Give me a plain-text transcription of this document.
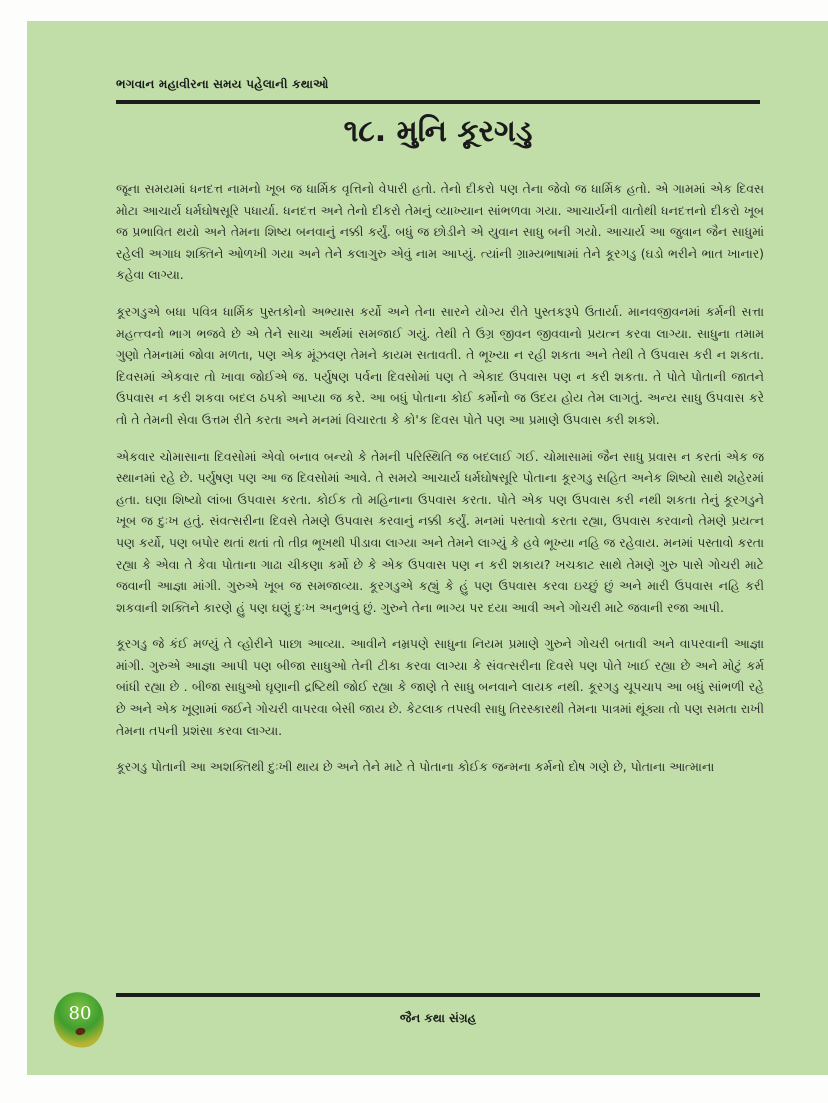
ભગવાન મહાવીરના સમય પહેલાની કથાઓ
૧૮. મુનિ કૂરગડુ

જૂના સમયમાં ધનદત્ત નામનો ખૂબ જ ધાર્મિક વૃત્તિનો વેપારી હતો. તેનો દીકરો પણ તેના જેવો જ ધાર્મિક હતો. એ ગામમાં એક દિવસ મોટા આચાર્ય ધર્મઘોષસૂરિ પધાર્યા. ધનદત્ત અને તેનો દીકરો તેમનું વ્યાખ્યાન સાંભળવા ગયા. આચાર્યની વાતોથી ધનદત્તનો દીકરો ખૂબ જ પ્રભાવિત થયો અને તેમના શિષ્ય બનવાનું નક્કી કર્યું. બધું જ છોડીને એ યુવાન સાધુ બની ગયો. આચાર્ય આ જુવાન જૈન સાધુમાં રહેલી અગાધ શક્તિને ઓળખી ગયા અને તેને કલાગુરુ એવું નામ આપ્યું. ત્યાંની ગ્રામ્યભાષામાં તેને કૂરગડુ (ઘડો ભરીને ભાત ખાનાર) કહેવા લાગ્યા.

કૂરગડુએ બધા પવિત્ર ધાર્મિક પુસ્તકોનો અભ્યાસ કર્યો અને તેના સારને યોગ્ય રીતે પુસ્તકરૂપે ઉતાર્યા. માનવજીવનમાં કર્મની સત્તા મહત્ત્વનો ભાગ ભજવે છે એ તેને સાચા અર્થમાં સમજાઈ ગયું. તેથી તે ઉગ્ર જીવન જીવવાનો પ્રયત્ન કરવા લાગ્યા. સાધુના તમામ ગુણો તેમનામાં જોવા મળતા, પણ એક મૂંઝવણ તેમને કાયમ સતાવતી. તે ભૂખ્યા ન રહી શકતા અને તેથી તે ઉપવાસ કરી ન શકતા. દિવસમાં એકવાર તો ખાવા જોઈએ જ. પર્યુષણ પર્વના દિવસોમાં પણ તે એકાદ ઉપવાસ પણ ન કરી શકતા. તે પોતે પોતાની જાતને ઉપવાસ ન કરી શકવા બદલ ઠપકો આપ્યા જ કરે. આ બધું પોતાના કોઈ કર્મોનો જ ઉદય હોય તેમ લાગતું. અન્ય સાધુ ઉપવાસ કરે તો તે તેમની સેવા ઉત્તમ રીતે કરતા અને મનમાં વિચારતા કે કો'ક દિવસ પોતે પણ આ પ્રમાણે ઉપવાસ કરી શકશે.

એકવાર ચોમાસાના દિવસોમાં એવો બનાવ બન્યો કે તેમની પરિસ્થિતિ જ બદલાઈ ગઈ. ચોમાસામાં જૈન સાધુ પ્રવાસ ન કરતાં એક જ સ્થાનમાં રહે છે. પર્યુષણ પણ આ જ દિવસોમાં આવે. તે સમયે આચાર્ય ધર્મઘોષસૂરિ પોતાના કૂરગડુ સહિત અનેક શિષ્યો સાથે શહેરમાં હતા. ઘણા શિષ્યો લાંબા ઉપવાસ કરતા. કોઈક તો મહિનાના ઉપવાસ કરતા. પોતે એક પણ ઉપવાસ કરી નથી શકતા તેનું કૂરગડુને ખૂબ જ દુઃખ હતું. સંવત્સરીના દિવસે તેમણે ઉપવાસ કરવાનું નક્કી કર્યું. મનમાં પસ્તાવો કરતા રહ્યા, ઉપવાસ કરવાનો તેમણે પ્રયત્ન પણ કર્યો, પણ બપોર થતાં થતાં તો તીવ્ર ભૂખથી પીડાવા લાગ્યા અને તેમને લાગ્યું કે હવે ભૂખ્યા નહિ જ રહેવાય. મનમાં પસ્તાવો કરતા રહ્યા કે એવા તે કેવા પોતાના ગાઢા ચીકણા કર્મો છે કે એક ઉપવાસ પણ ન કરી શકાય? ખચકાટ સાથે તેમણે ગુરુ પાસે ગોચરી માટે જવાની આજ્ઞા માંગી. ગુરુએ ખૂબ જ સમજાવ્યા. કૂરગડુએ કહ્યું કે હું પણ ઉપવાસ કરવા ઇચ્છું છું અને મારી ઉપવાસ નહિ કરી શકવાની શક્તિને કારણે હું પણ ઘણું દુઃખ અનુભવું છું. ગુરુને તેના ભાગ્ય પર દયા આવી અને ગોચરી માટે જવાની રજા આપી.

કૂરગડુ જે કંઈ મળ્યું તે વ્હોરીને પાછા આવ્યા. આવીને નમ્રપણે સાધુના નિયમ પ્રમાણે ગુરુને ગોચરી બતાવી અને વાપરવાની આજ્ઞા માંગી. ગુરુએ આજ્ઞા આપી પણ બીજા સાધુઓ તેની ટીકા કરવા લાગ્યા કે સંવત્સરીના દિવસે પણ પોતે ખાઈ રહ્યા છે અને મોટું કર્મ બાંધી રહ્યા છે . બીજા સાધુઓ ઘૃણાની દ્રષ્ટિથી જોઈ રહ્યા કે જાણે તે સાધુ બનવાને લાયક નથી. કૂરગડુ ચૂપચાપ આ બધું સાંભળી રહે છે અને એક ખૂણામાં જઈને ગોચરી વાપરવા બેસી જાય છે. કેટલાક તપસ્વી સાધુ તિરસ્કારથી તેમના પાત્રમાં થૂંક્યા તો પણ સમતા રાખી તેમના તપની પ્રશંસા કરવા લાગ્યા.

કૂરગડુ પોતાની આ અશક્તિથી દુઃખી થાય છે અને તેને માટે તે પોતાના કોઈક જન્મના કર્મનો દોષ ગણે છે, પોતાના આત્માના

80	જૈન કથા સંગ્રહ
